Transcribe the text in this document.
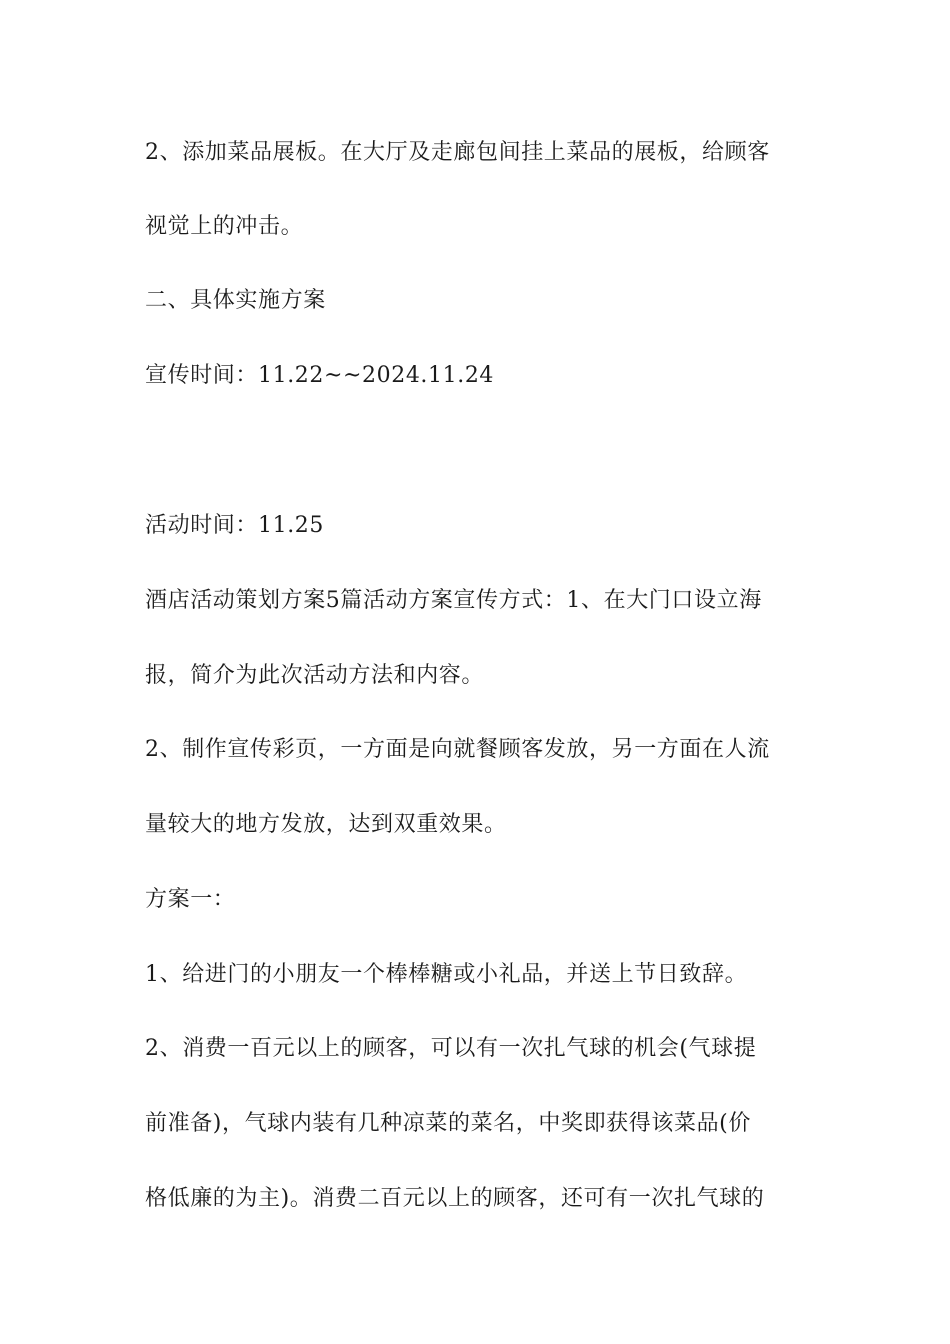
2、添加菜品展板。在大厅及走廊包间挂上菜品的展板，给顾客
视觉上的冲击。
二、具体实施方案
宣传时间：11.22~~2024.11.24
活动时间：11.25
酒店活动策划方案5篇活动方案宣传方式：1、在大门口设立海
报，简介为此次活动方法和内容。
2、制作宣传彩页，一方面是向就餐顾客发放，另一方面在人流
量较大的地方发放，达到双重效果。
方案一：
1、给进门的小朋友一个棒棒糖或小礼品，并送上节日致辞。
2、消费一百元以上的顾客，可以有一次扎气球的机会(气球提
前准备)，气球内装有几种凉菜的菜名，中奖即获得该菜品(价
格低廉的为主)。消费二百元以上的顾客，还可有一次扎气球的
